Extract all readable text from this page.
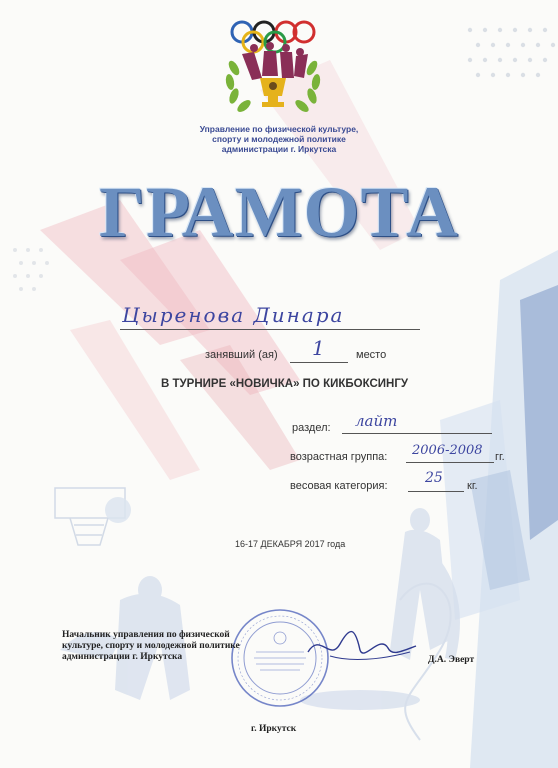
Управление по физической культуре,
спорту и молодежной политике
администрации г. Иркутска
ГРАМОТА
Цыренова Динара
занявший (ая) 1	место
В ТУРНИРЕ «НОВИЧКА» ПО КИКБОКСИНГУ
раздел: лайт
возрастная группа: 2006-2008 гг.
весовая категория:	25 кг.
16-17 ДЕКАБРЯ 2017 года
Начальник управления по физической
культуре, спорту и молодежной политике
администрации г. Иркутска	Д.А. Эверт
г. Иркутск
